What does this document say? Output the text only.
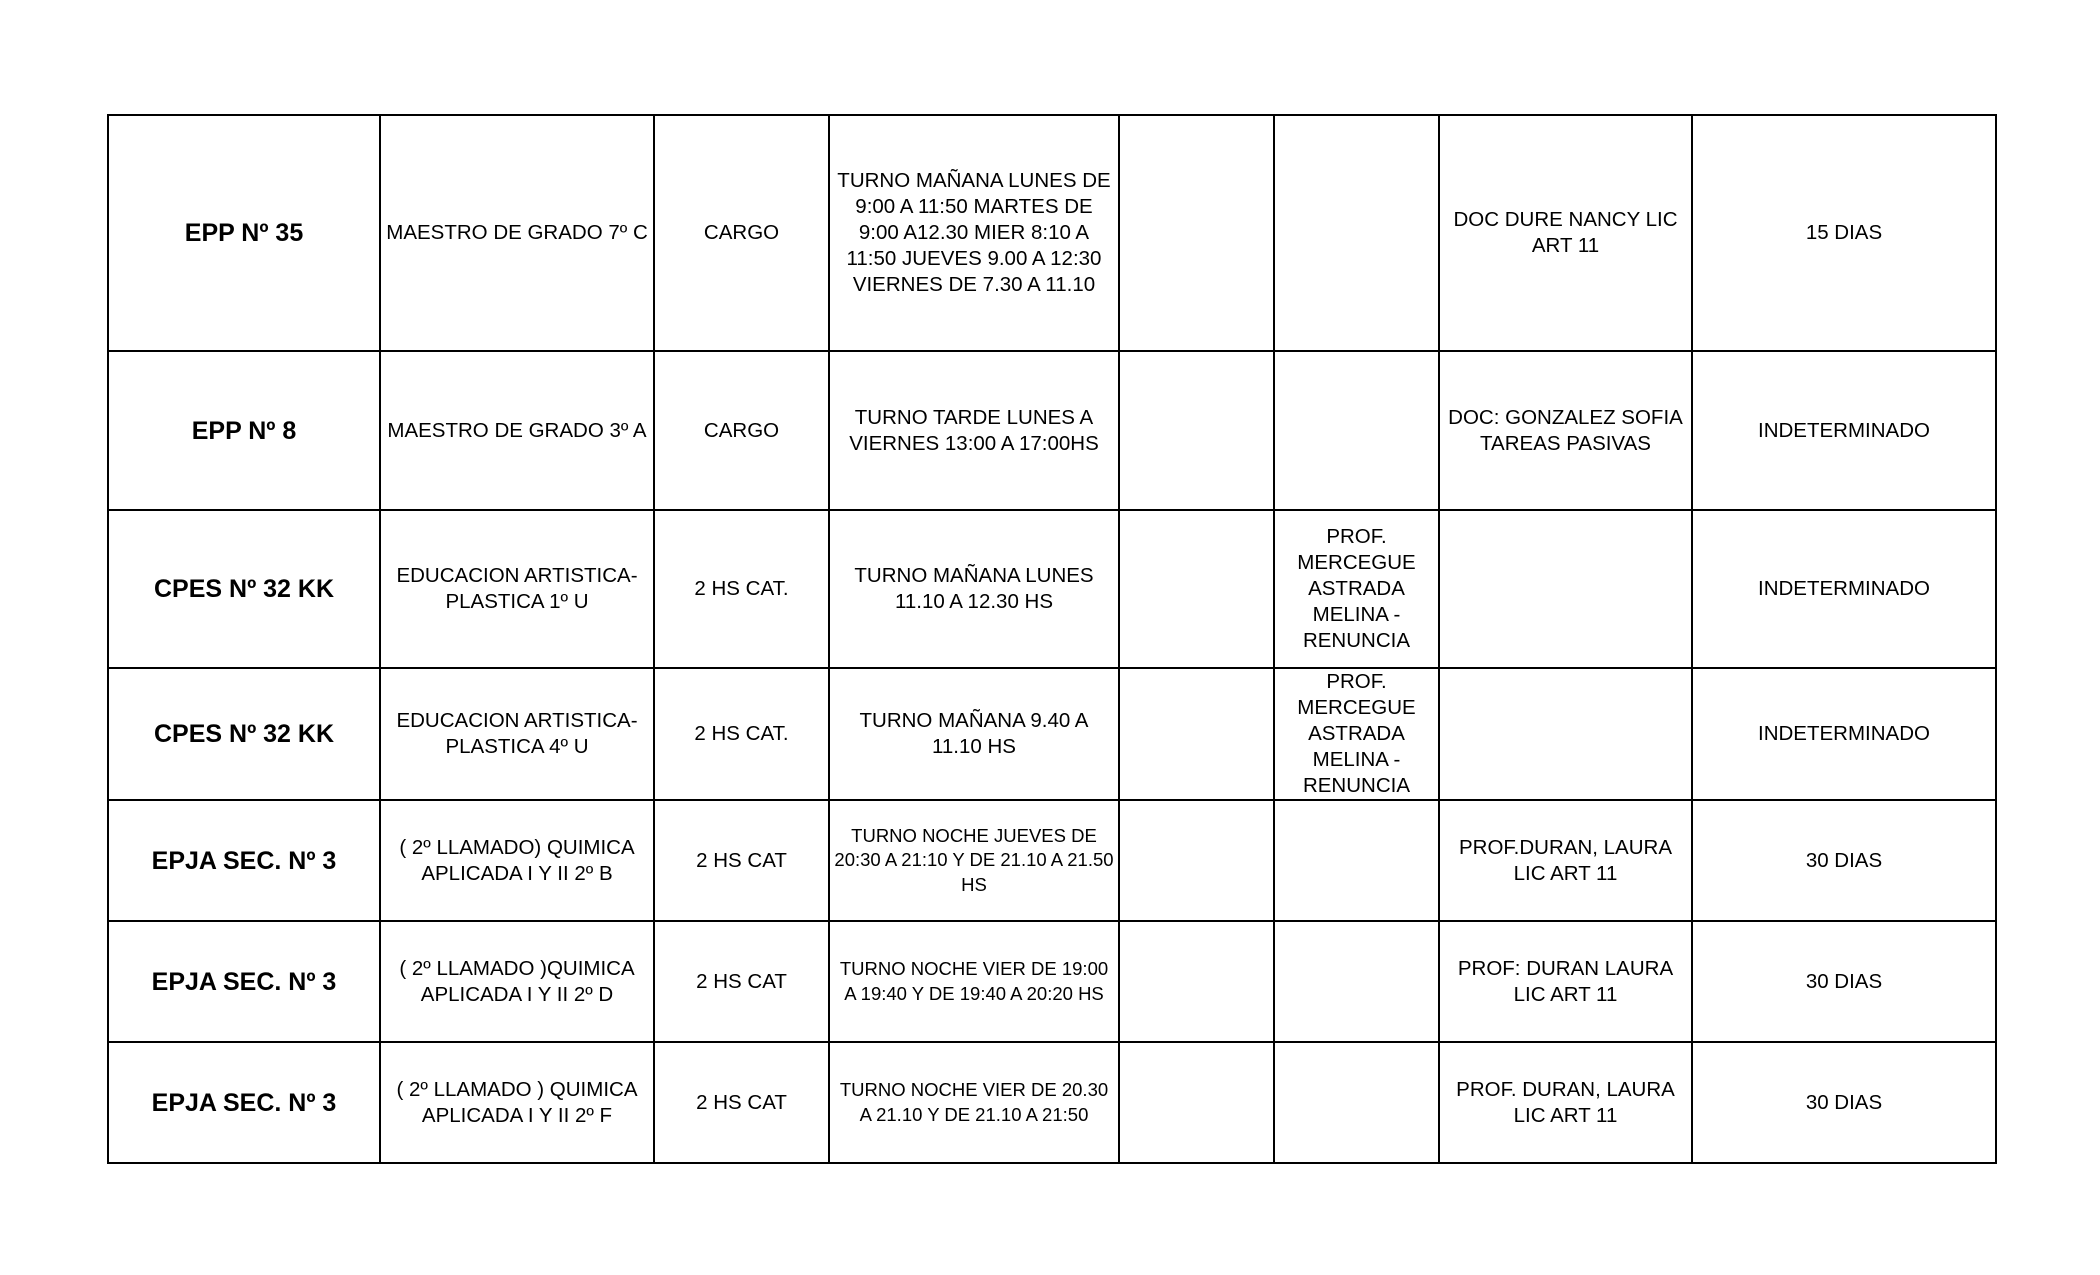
EPP Nº 35	MAESTRO DE GRADO 7º C	CARGO	TURNO MAÑANA LUNES DE 9:00 A 11:50 MARTES DE 9:00 A12.30 MIER 8:10 A 11:50 JUEVES 9.00 A 12:30 VIERNES DE 7.30 A 11.10			DOC DURE NANCY LIC ART 11	15 DIAS
EPP Nº 8	MAESTRO DE GRADO 3º A	CARGO	TURNO TARDE LUNES A VIERNES 13:00 A 17:00HS			DOC: GONZALEZ SOFIA TAREAS PASIVAS	INDETERMINADO
CPES Nº 32 KK	EDUCACION ARTISTICA-PLASTICA 1º U	2 HS CAT.	TURNO MAÑANA LUNES 11.10 A 12.30 HS		PROF. MERCEGUE ASTRADA MELINA - RENUNCIA		INDETERMINADO
CPES Nº 32 KK	EDUCACION ARTISTICA-PLASTICA 4º U	2 HS CAT.	TURNO MAÑANA 9.40 A 11.10 HS		PROF. MERCEGUE ASTRADA MELINA - RENUNCIA		INDETERMINADO
EPJA SEC. Nº 3	( 2º LLAMADO) QUIMICA APLICADA I Y II 2º B	2 HS CAT	TURNO NOCHE JUEVES DE 20:30 A 21:10 Y DE 21.10 A 21.50 HS			PROF.DURAN, LAURA LIC ART 11	30 DIAS
EPJA SEC. Nº 3	( 2º LLAMADO )QUIMICA APLICADA I Y II 2º D	2 HS CAT	TURNO NOCHE VIER DE 19:00 A 19:40 Y DE 19:40 A 20:20 HS			PROF: DURAN LAURA LIC ART 11	30 DIAS
EPJA SEC. Nº 3	( 2º LLAMADO ) QUIMICA APLICADA I Y II 2º F	2 HS CAT	TURNO NOCHE VIER DE 20.30 A 21.10 Y DE 21.10 A 21:50			PROF. DURAN, LAURA LIC ART 11	30 DIAS
